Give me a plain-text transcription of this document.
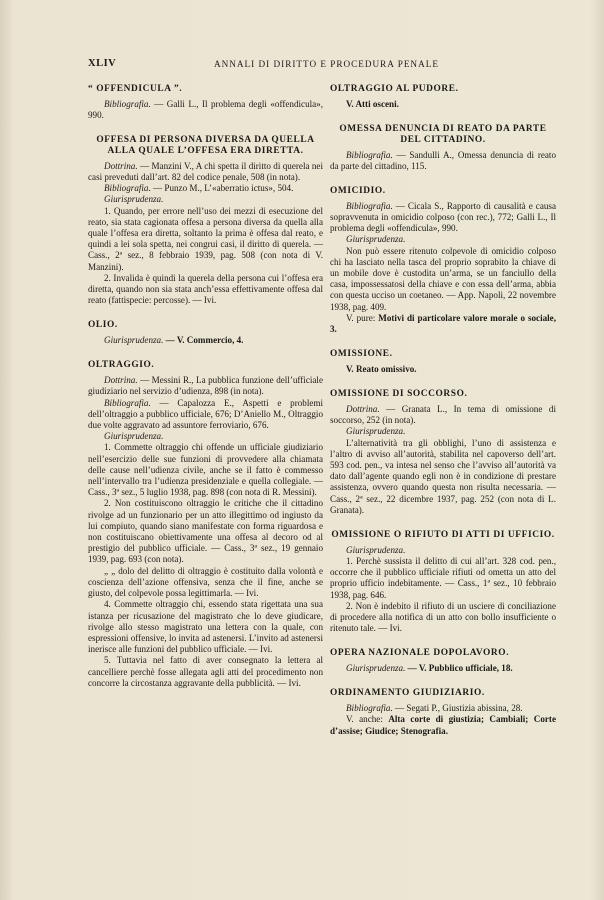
XLIV	ANNALI DI DIRITTO E PROCEDURA PENALE

“ OFFENDICULA ”.

Bibliografia. — Galli L., Il problema degli «offendicula», 990.

OFFESA DI PERSONA DIVERSA DA QUELLA ALLA QUALE L’OFFESA ERA DIRETTA.

Dottrina. — Manzini V., A chi spetta il diritto di querela nei casi preveduti dall’art. 82 del codice penale, 508 (in nota).

Bibliografia. — Punzo M., L’«aberratio ictus», 504.

Giurisprudenza.

1. Quando, per errore nell’uso dei mezzi di esecuzione del reato, sia stata cagionata offesa a persona diversa da quella alla quale l’offesa era diretta, soltanto la prima è offesa dal reato, e quindi a lei sola spetta, nei congrui casi, il diritto di querela. — Cass., 2ª sez., 8 febbraio 1939, pag. 508 (con nota di V. Manzini).

2. Invalida è quindi la querela della persona cui l’offesa era diretta, quando non sia stata anch’essa effettivamente offesa dal reato (fattispecie: percosse). — Ivi.

OLIO.

Giurisprudenza. — V. Commercio, 4.

OLTRAGGIO.

Dottrina. — Messini R., La pubblica funzione dell’ufficiale giudiziario nel servizio d’udienza, 898 (in nota).

Bibliografia. — Capalozza E., Aspetti e problemi dell’oltraggio a pubblico ufficiale, 676; D’Aniello M., Oltraggio due volte aggravato ad assuntore ferroviario, 676.

Giurisprudenza.

1. Commette oltraggio chi offende un ufficiale giudiziario nell’esercizio delle sue funzioni di provvedere alla chiamata delle cause nell’udienza civile, anche se il fatto è commesso nell’intervallo tra l’udienza presidenziale e quella collegiale. — Cass., 3ª sez., 5 luglio 1938, pag. 898 (con nota di R. Messini).

2. Non costituiscono oltraggio le critiche che il cittadino rivolge ad un funzionario per un atto illegittimo od ingiusto da lui compiuto, quando siano manifestate con forma riguardosa e non costituiscano obiettivamente una offesa al decoro od al prestigio del pubblico ufficiale. — Cass., 3ª sez., 19 gennaio 1939, pag. 693 (con nota).

„ „ dolo del delitto di oltraggio è costituito dalla volontà e coscienza dell’azione offensiva, senza che il fine, anche se giusto, del colpevole possa legittimarla. — Ivi.

4. Commette oltraggio chi, essendo stata rigettata una sua istanza per ricusazione del magistrato che lo deve giudicare, rivolge allo stesso magistrato una lettera con la quale, con espressioni offensive, lo invita ad astenersi. L’invito ad astenersi inerisce alle funzioni del pubblico ufficiale. — Ivi.

5. Tuttavia nel fatto di aver consegnato la lettera al cancelliere perchè fosse allegata agli atti del procedimento non concorre la circostanza aggravante della pubblicità. — Ivi.

OLTRAGGIO AL PUDORE.

V. Atti osceni.

OMESSA DENUNCIA DI REATO DA PARTE DEL CITTADINO.

Bibliografia. — Sandulli A., Omessa denuncia di reato da parte del cittadino, 115.

OMICIDIO.

Bibliografia. — Cicala S., Rapporto di causalità e causa sopravvenuta in omicidio colposo (con rec.), 772; Galli L., Il problema degli «offendicula», 990.

Giurisprudenza.

Non può essere ritenuto colpevole di omicidio colposo chi ha lasciato nella tasca del proprio soprabito la chiave di un mobile dove è custodita un’arma, se un fanciullo della casa, impossessatosi della chiave e con essa dell’arma, abbia con questa ucciso un coetaneo. — App. Napoli, 22 novembre 1938, pag. 409.

V. pure: Motivi di particolare valore morale o sociale, 3.

OMISSIONE.

V. Reato omissivo.

OMISSIONE DI SOCCORSO.

Dottrina. — Granata L., In tema di omissione di soccorso, 252 (in nota).

Giurisprudenza.

L’alternatività tra gli obblighi, l’uno di assistenza e l’altro di avviso all’autorità, stabilita nel capoverso dell’art. 593 cod. pen., va intesa nel senso che l’avviso all’autorità va dato dall’agente quando egli non è in condizione di prestare assistenza, ovvero quando questa non risulta necessaria. — Cass., 2ª sez., 22 dicembre 1937, pag. 252 (con nota di L. Granata).

OMISSIONE O RIFIUTO DI ATTI DI UFFICIO.

Giurisprudenza.

1. Perchè sussista il delitto di cui all’art. 328 cod. pen., occorre che il pubblico ufficiale rifiuti od ometta un atto del proprio ufficio indebitamente. — Cass., 1ª sez., 10 febbraio 1938, pag. 646.

2. Non è indebito il rifiuto di un usciere di conciliazione di procedere alla notifica di un atto con bollo insufficiente o ritenuto tale. — Ivi.

OPERA NAZIONALE DOPOLAVORO.

Giurisprudenza. — V. Pubblico ufficiale, 18.

ORDINAMENTO GIUDIZIARIO.

Bibliografia. — Segati P., Giustizia abissina, 28.

V. anche: Alta corte di giustizia; Cambiali; Corte d’assise; Giudice; Stenografia.
